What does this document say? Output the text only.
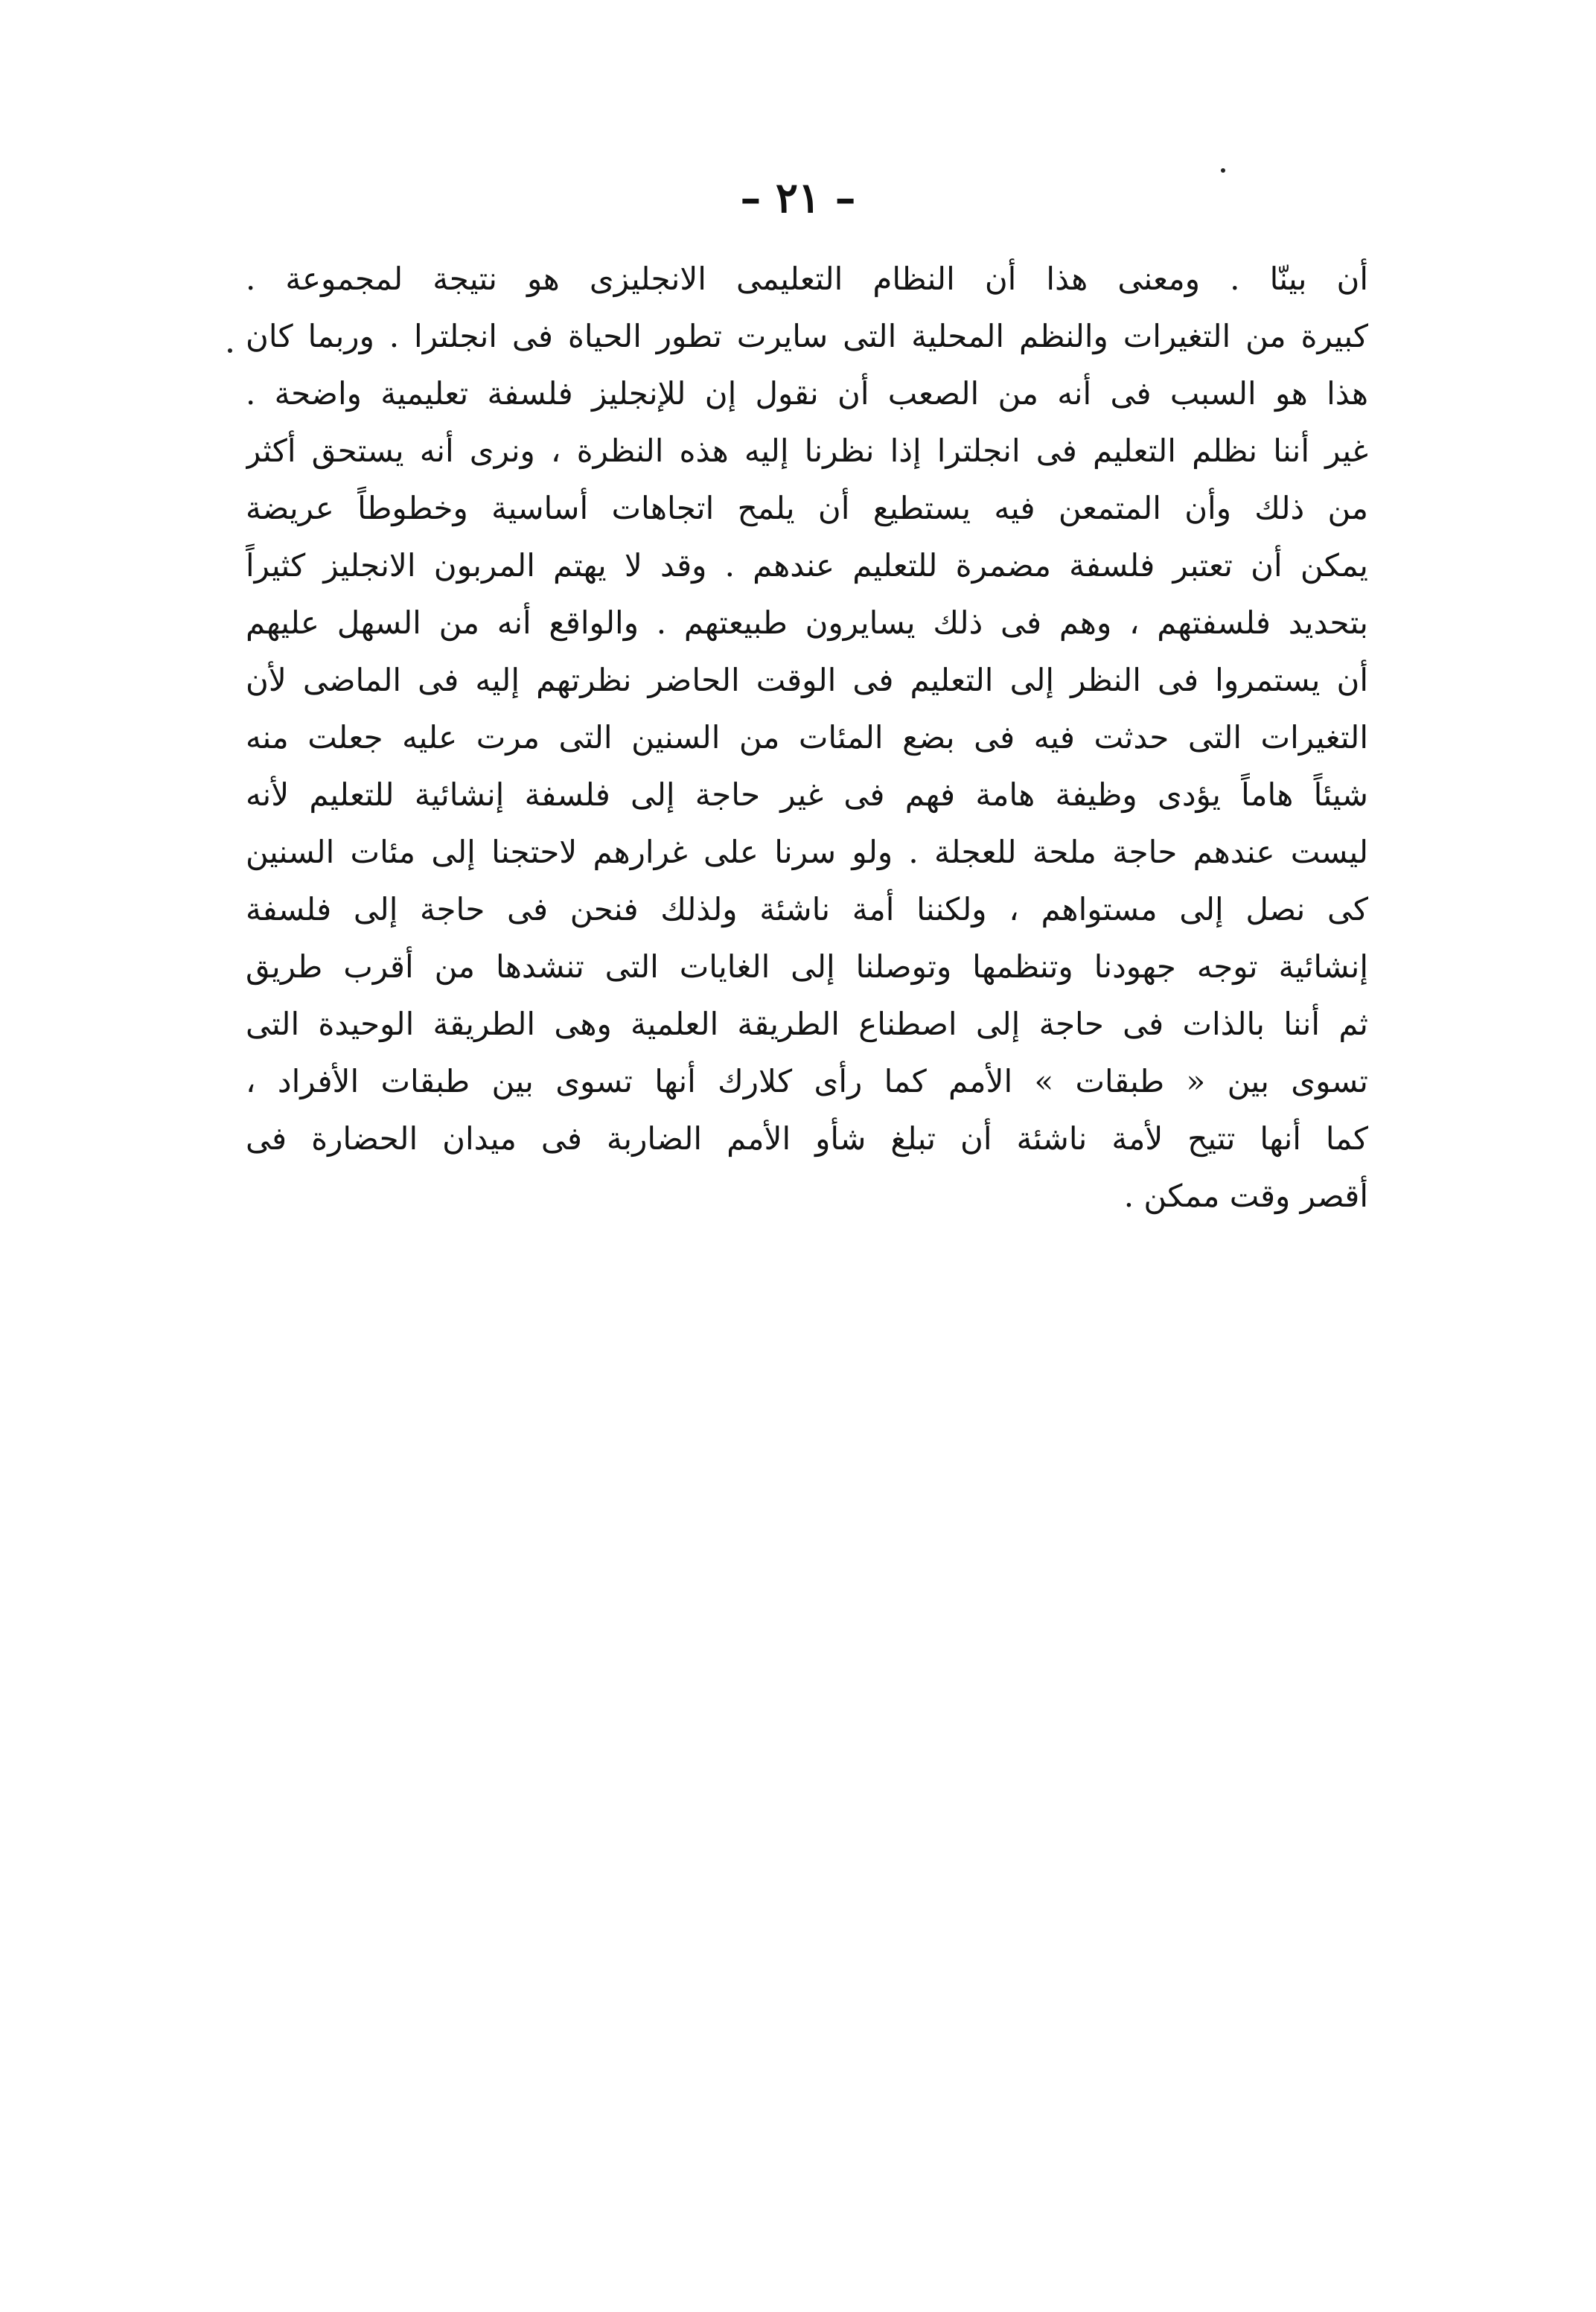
– ٢١ –
أن بينّا . ومعنى هذا أن النظام التعليمى الانجليزى هو نتيجة لمجموعة .
كبيرة من التغيرات والنظم المحلية التى سايرت تطور الحياة فى انجلترا . وربما كان
هذا هو السبب فى أنه من الصعب أن نقول إن للإنجليز فلسفة تعليمية واضحة .
غير أننا نظلم التعليم فى انجلترا إذا نظرنا إليه هذه النظرة ، ونرى أنه يستحق أكثر
من ذلك وأن المتمعن فيه يستطيع أن يلمح اتجاهات أساسية وخطوطاً عريضة
يمكن أن تعتبر فلسفة مضمرة للتعليم عندهم . وقد لا يهتم المربون الانجليز كثيراً
بتحديد فلسفتهم ، وهم فى ذلك يسايرون طبيعتهم . والواقع أنه من السهل عليهم
أن يستمروا فى النظر إلى التعليم فى الوقت الحاضر نظرتهم إليه فى الماضى لأن
التغيرات التى حدثت فيه فى بضع المئات من السنين التى مرت عليه جعلت منه
شيئاً هاماً يؤدى وظيفة هامة فهم فى غير حاجة إلى فلسفة إنشائية للتعليم لأنه
ليست عندهم حاجة ملحة للعجلة . ولو سرنا على غرارهم لاحتجنا إلى مئات السنين
كى نصل إلى مستواهم ، ولكننا أمة ناشئة ولذلك فنحن فى حاجة إلى فلسفة
إنشائية توجه جهودنا وتنظمها وتوصلنا إلى الغايات التى تنشدها من أقرب طريق
ثم أننا بالذات فى حاجة إلى اصطناع الطريقة العلمية وهى الطريقة الوحيدة التى
تسوى بين « طبقات » الأمم كما رأى كلارك أنها تسوى بين طبقات الأفراد ،
كما أنها تتيح لأمة ناشئة أن تبلغ شأو الأمم الضاربة فى ميدان الحضارة فى
أقصر وقت ممكن .
